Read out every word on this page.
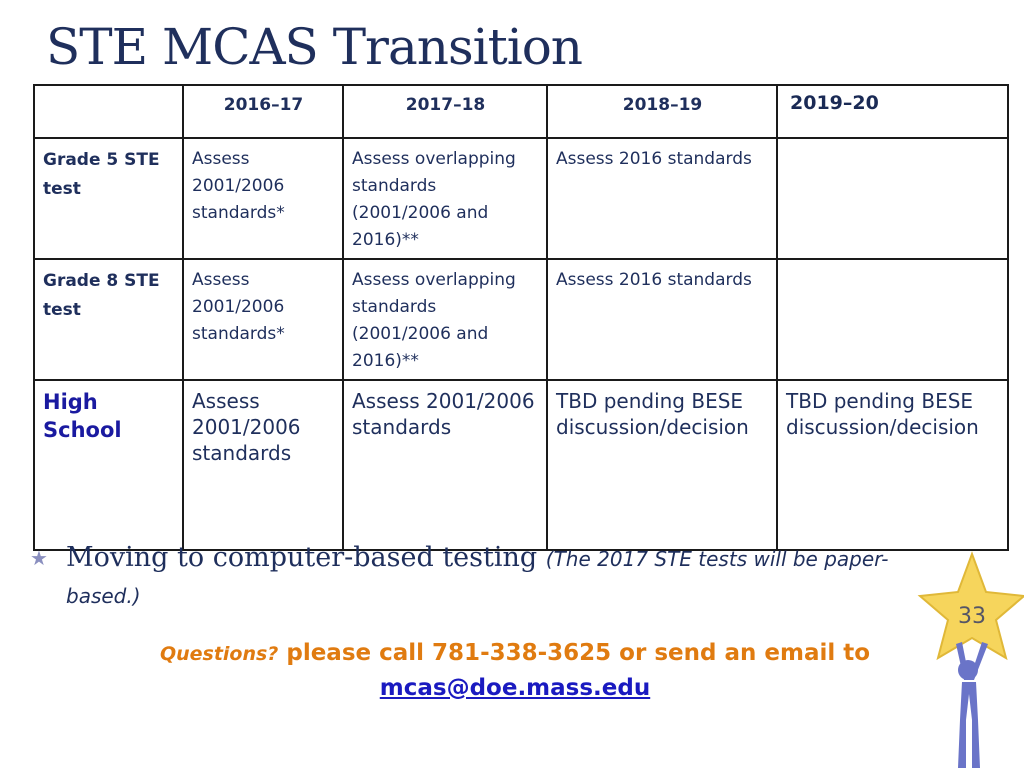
STE MCAS Transition
	2016–17	2017–18	2018–19	2019–20
Grade 5 STE test	Assess 2001/2006 standards*	Assess overlapping standards (2001/2006 and 2016)**	Assess 2016 standards	
Grade 8 STE test	Assess 2001/2006 standards*	Assess overlapping standards (2001/2006 and 2016)**	Assess 2016 standards	
High School	Assess 2001/2006 standards	Assess 2001/2006 standards	TBD pending BESE discussion/decision	TBD pending BESE discussion/decision
★ Moving to computer-based testing (The 2017 STE tests will be paper-based.)
Questions? please call 781-338-3625 or send an email to
mcas@doe.mass.edu
33
